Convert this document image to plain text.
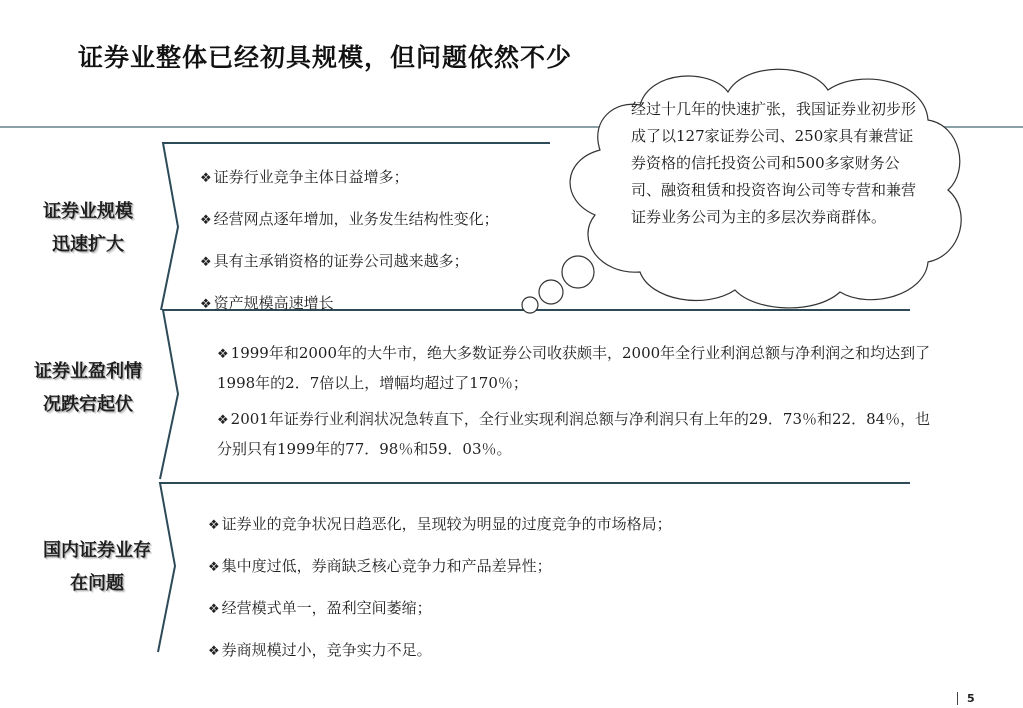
证券业整体已经初具规模，但问题依然不少
证券业规模
迅速扩大
❖ 证券行业竞争主体日益增多；
❖ 经营网点逐年增加，业务发生结构性变化；
❖ 具有主承销资格的证券公司越来越多；
❖ 资产规模高速增长
证券业盈利情
况跌宕起伏
❖ 1999年和2000年的大牛市，绝大多数证券公司收获颇丰，2000年全行业利润总额与净利润之和均达到了1998年的2．7倍以上，增幅均超过了170％；
❖ 2001年证券行业利润状况急转直下，全行业实现利润总额与净利润只有上年的29．73％和22．84％，也分别只有1999年的77．98％和59．03％。
国内证券业存
在问题
❖ 证券业的竞争状况日趋恶化，呈现较为明显的过度竞争的市场格局；
❖ 集中度过低，券商缺乏核心竞争力和产品差异性；
❖ 经营模式单一，盈利空间萎缩；
❖ 券商规模过小，竞争实力不足。
经过十几年的快速扩张，我国证券业初步形成了以127家证券公司、250家具有兼营证券资格的信托投资公司和500多家财务公司、融资租赁和投资咨询公司等专营和兼营证券业务公司为主的多层次券商群体。
5
